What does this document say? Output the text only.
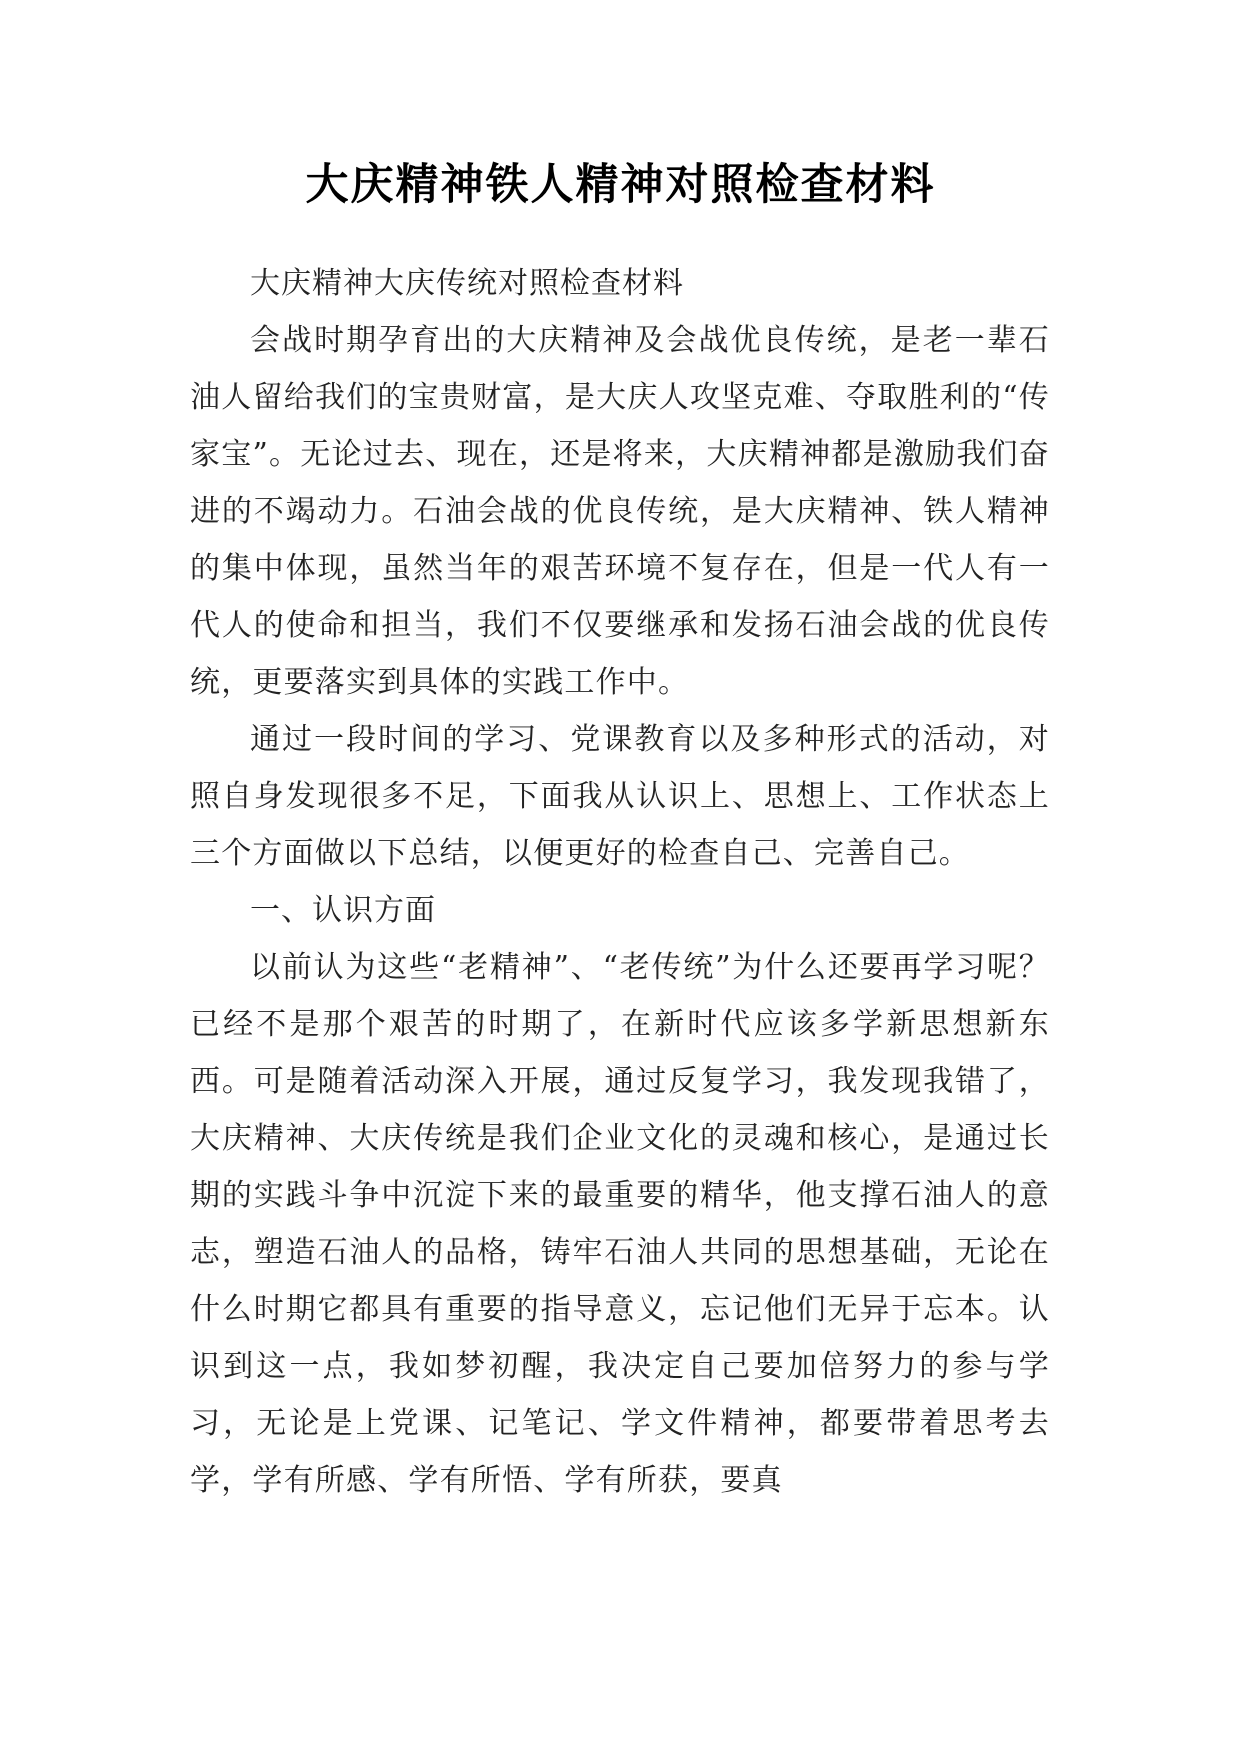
大庆精神铁人精神对照检查材料

大庆精神大庆传统对照检查材料

会战时期孕育出的大庆精神及会战优良传统，是老一辈石油人留给我们的宝贵财富，是大庆人攻坚克难、夺取胜利的“传家宝”。无论过去、现在，还是将来，大庆精神都是激励我们奋进的不竭动力。石油会战的优良传统，是大庆精神、铁人精神的集中体现，虽然当年的艰苦环境不复存在，但是一代人有一代人的使命和担当，我们不仅要继承和发扬石油会战的优良传统，更要落实到具体的实践工作中。

通过一段时间的学习、党课教育以及多种形式的活动，对照自身发现很多不足，下面我从认识上、思想上、工作状态上三个方面做以下总结，以便更好的检查自己、完善自己。

一、认识方面

以前认为这些“老精神”、“老传统”为什么还要再学习呢？已经不是那个艰苦的时期了，在新时代应该多学新思想新东西。可是随着活动深入开展，通过反复学习，我发现我错了，大庆精神、大庆传统是我们企业文化的灵魂和核心，是通过长期的实践斗争中沉淀下来的最重要的精华，他支撑石油人的意志，塑造石油人的品格，铸牢石油人共同的思想基础，无论在什么时期它都具有重要的指导意义，忘记他们无异于忘本。认识到这一点，我如梦初醒，我决定自己要加倍努力的参与学习，无论是上党课、记笔记、学文件精神，都要带着思考去学，学有所感、学有所悟、学有所获，要真
